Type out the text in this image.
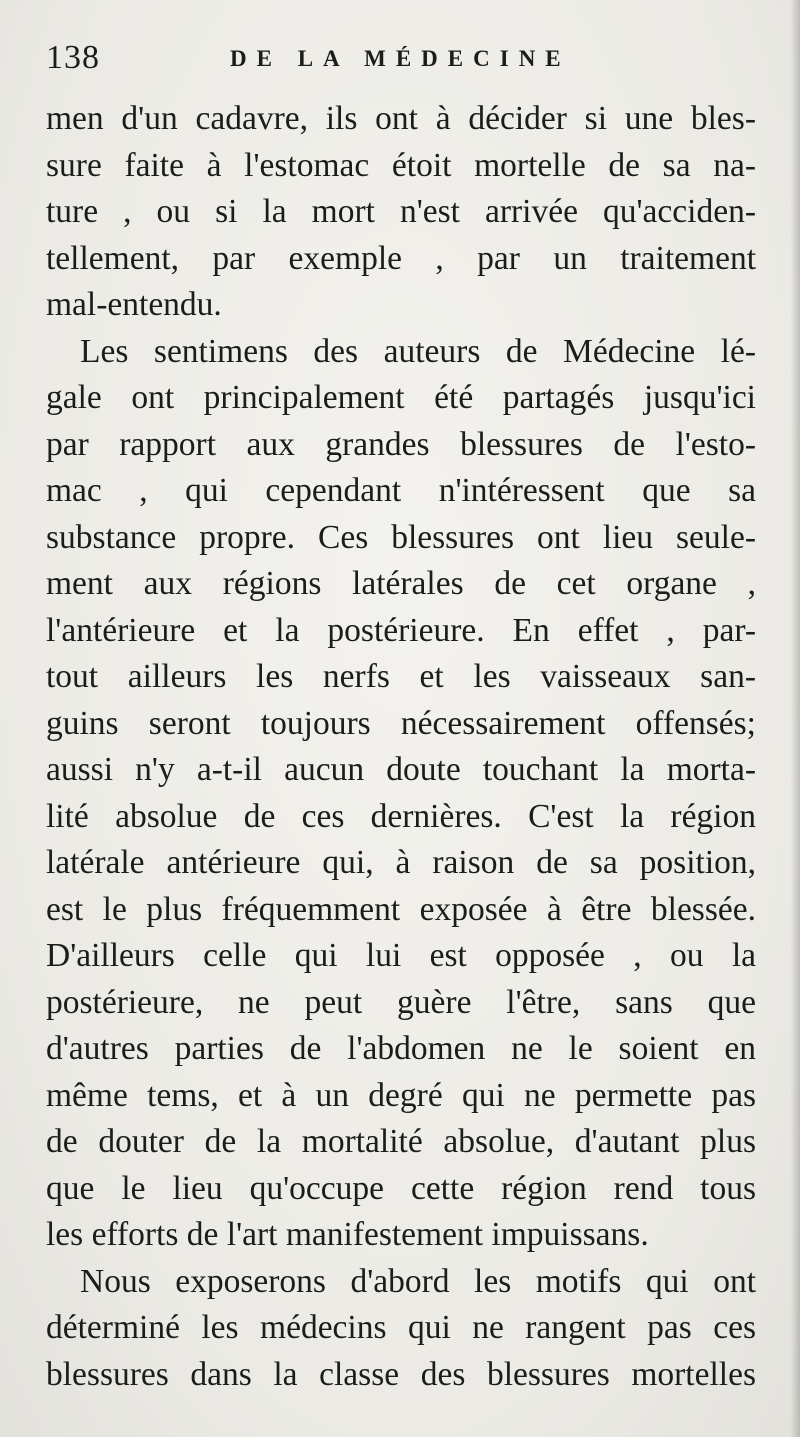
138	DE LA MÉDECINE
men d'un cadavre, ils ont à décider si une bles-
sure faite à l'estomac étoit mortelle de sa na-
ture , ou si la mort n'est arrivée qu'acciden-
tellement, par exemple , par un traitement
mal-entendu.
Les sentimens des auteurs de Médecine lé-
gale ont principalement été partagés jusqu'ici
par rapport aux grandes blessures de l'esto-
mac , qui cependant n'intéressent que sa
substance propre. Ces blessures ont lieu seule-
ment aux régions latérales de cet organe ,
l'antérieure et la postérieure. En effet , par-
tout ailleurs les nerfs et les vaisseaux san-
guins seront toujours nécessairement offensés;
aussi n'y a-t-il aucun doute touchant la morta-
lité absolue de ces dernières. C'est la région
latérale antérieure qui, à raison de sa position,
est le plus fréquemment exposée à être blessée.
D'ailleurs celle qui lui est opposée , ou la
postérieure, ne peut guère l'être, sans que
d'autres parties de l'abdomen ne le soient en
même tems, et à un degré qui ne permette pas
de douter de la mortalité absolue, d'autant plus
que le lieu qu'occupe cette région rend tous
les efforts de l'art manifestement impuissans.
Nous exposerons d'abord les motifs qui ont
déterminé les médecins qui ne rangent pas ces
blessures dans la classe des blessures mortelles
